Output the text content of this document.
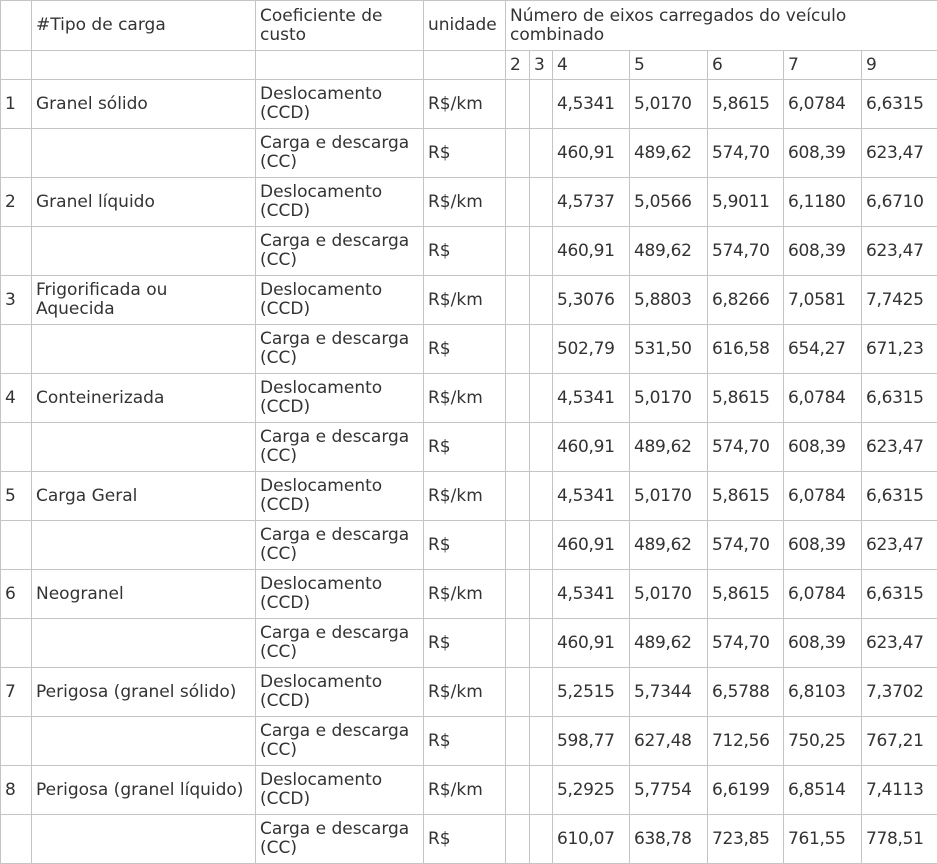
	#Tipo de carga	Coeficiente de custo	unidade	Número de eixos carregados do veículo combinado						
				2	3	4	5	6	7	9
1	Granel sólido	Deslocamento (CCD)	R$/km			4,5341	5,0170	5,8615	6,0784	6,6315
		Carga e descarga (CC)	R$			460,91	489,62	574,70	608,39	623,47
2	Granel líquido	Deslocamento (CCD)	R$/km			4,5737	5,0566	5,9011	6,1180	6,6710
		Carga e descarga (CC)	R$			460,91	489,62	574,70	608,39	623,47
3	Frigorificada ou Aquecida	Deslocamento (CCD)	R$/km			5,3076	5,8803	6,8266	7,0581	7,7425
		Carga e descarga (CC)	R$			502,79	531,50	616,58	654,27	671,23
4	Conteinerizada	Deslocamento (CCD)	R$/km			4,5341	5,0170	5,8615	6,0784	6,6315
		Carga e descarga (CC)	R$			460,91	489,62	574,70	608,39	623,47
5	Carga Geral	Deslocamento (CCD)	R$/km			4,5341	5,0170	5,8615	6,0784	6,6315
		Carga e descarga (CC)	R$			460,91	489,62	574,70	608,39	623,47
6	Neogranel	Deslocamento (CCD)	R$/km			4,5341	5,0170	5,8615	6,0784	6,6315
		Carga e descarga (CC)	R$			460,91	489,62	574,70	608,39	623,47
7	Perigosa (granel sólido)	Deslocamento (CCD)	R$/km			5,2515	5,7344	6,5788	6,8103	7,3702
		Carga e descarga (CC)	R$			598,77	627,48	712,56	750,25	767,21
8	Perigosa (granel líquido)	Deslocamento (CCD)	R$/km			5,2925	5,7754	6,6199	6,8514	7,4113
		Carga e descarga (CC)	R$			610,07	638,78	723,85	761,55	778,51
